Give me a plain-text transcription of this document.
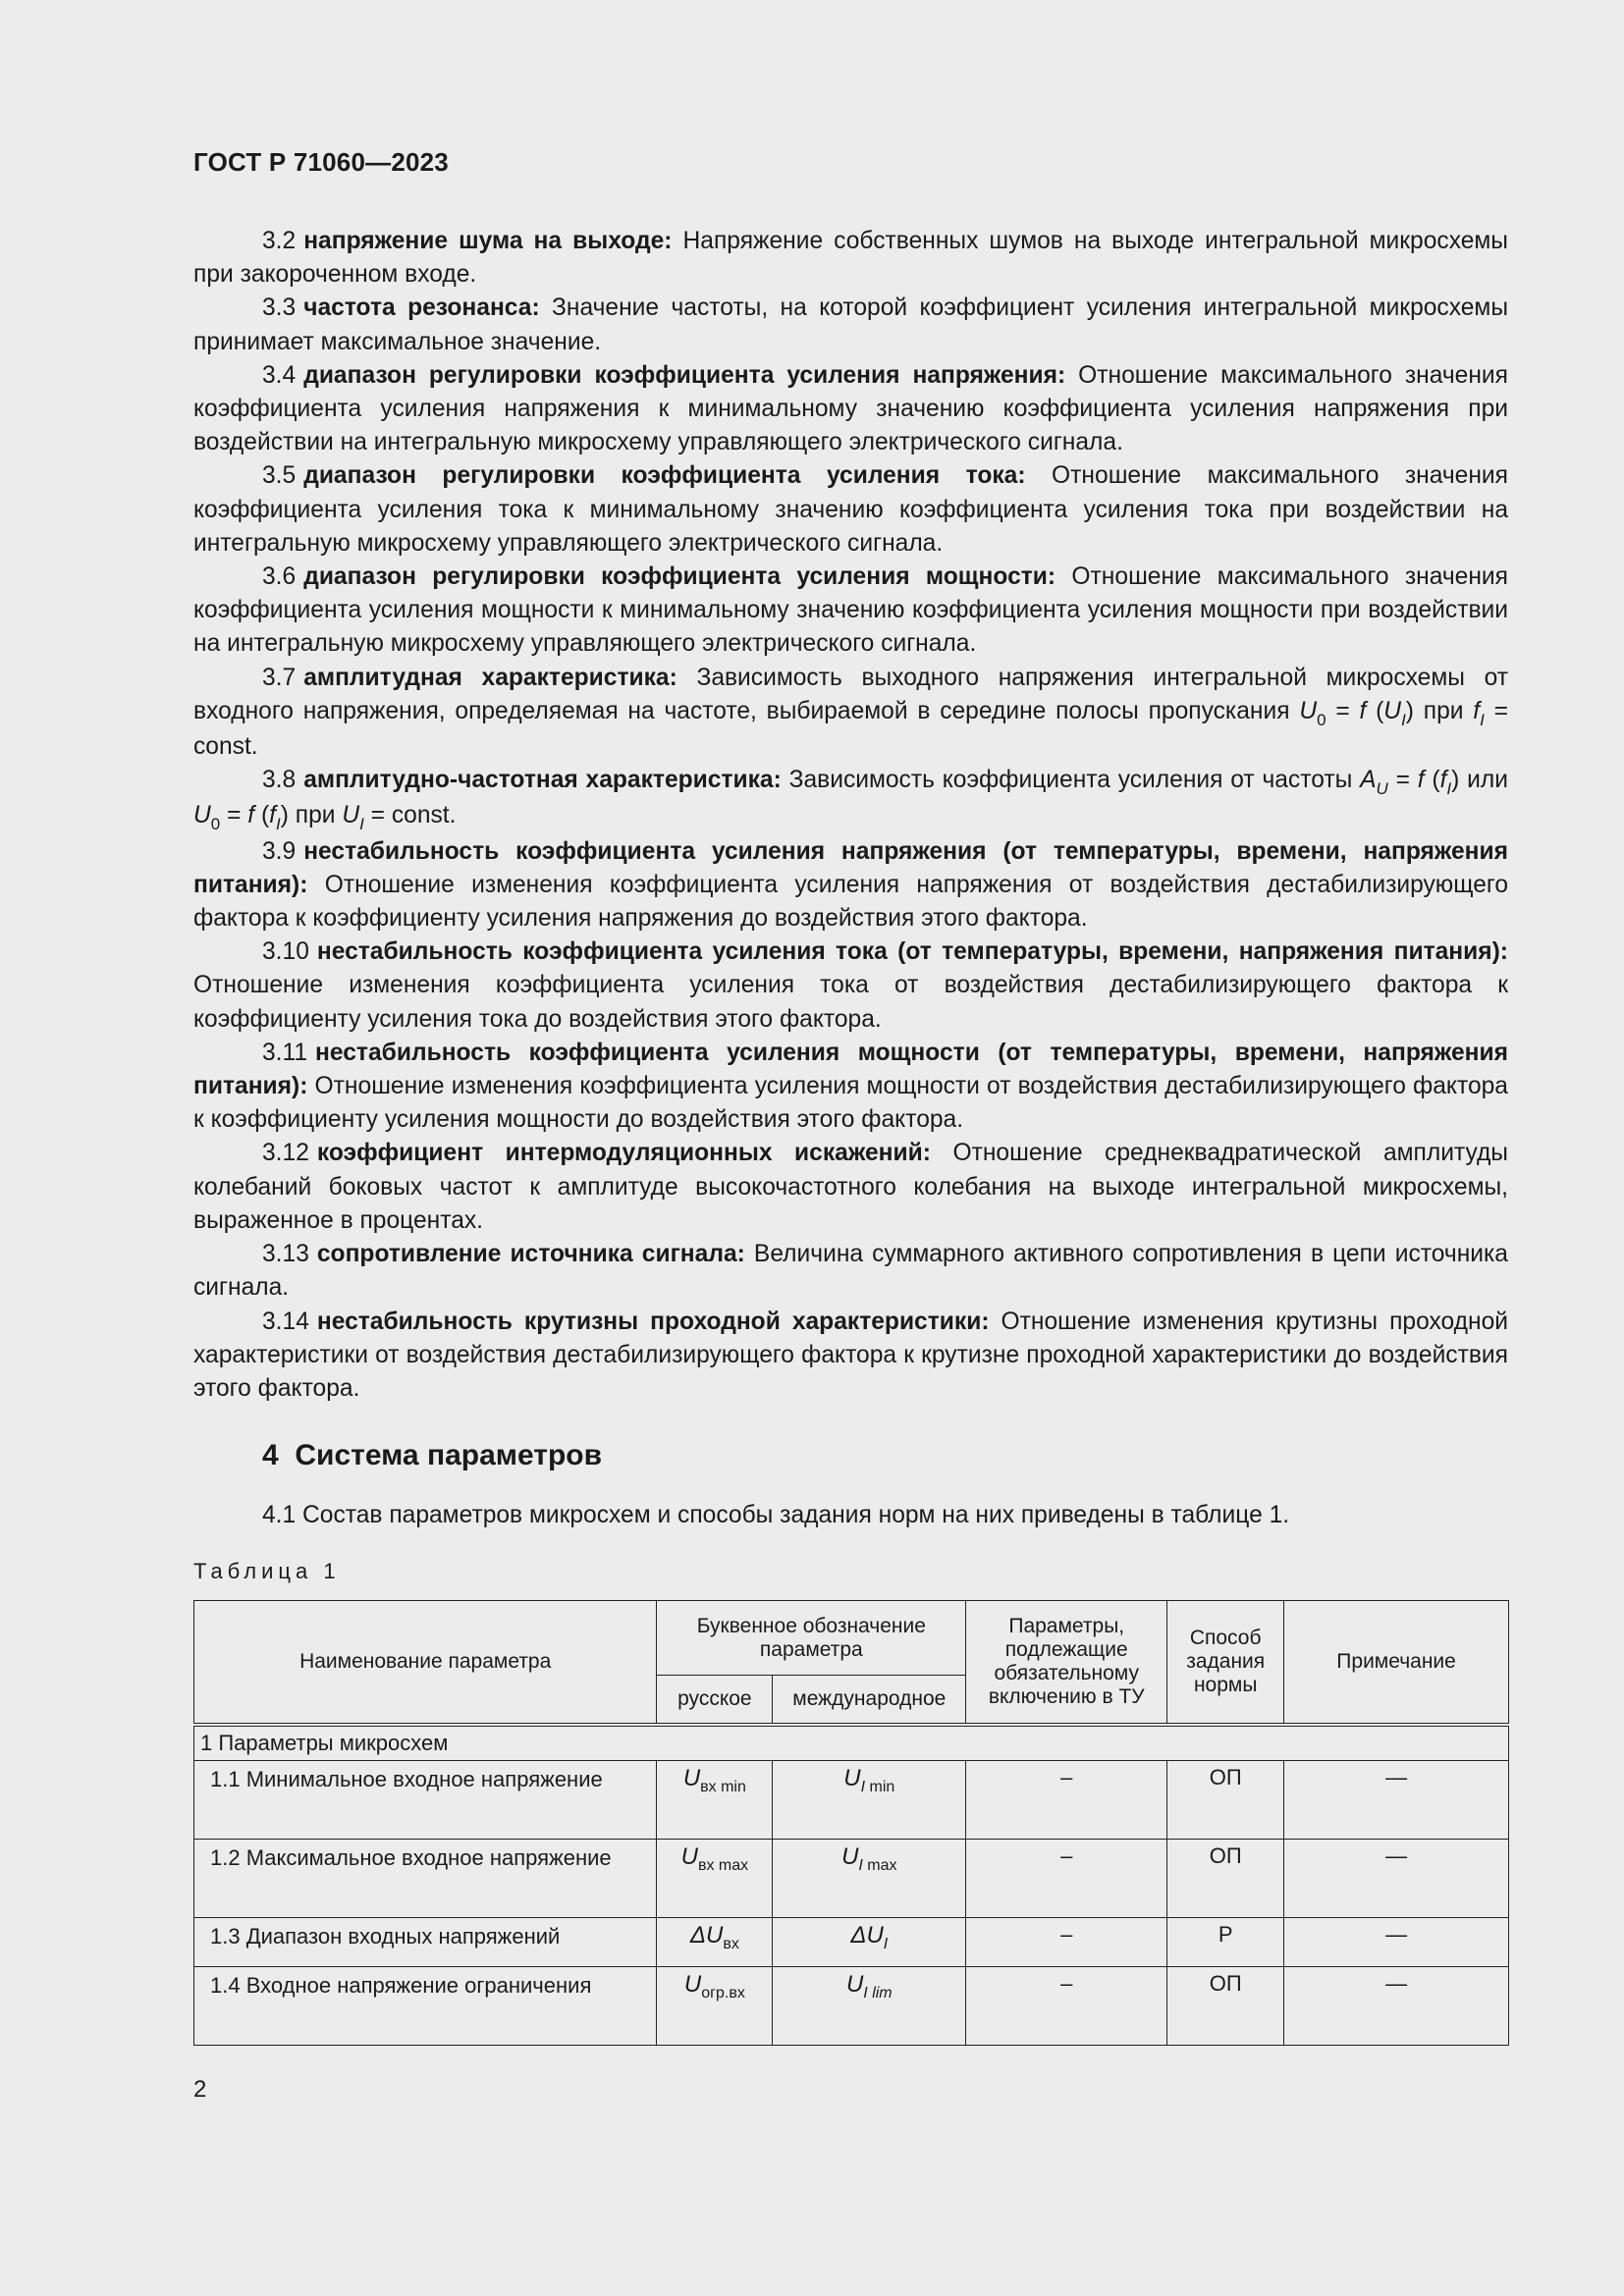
ГОСТ Р 71060—2023

3.2 напряжение шума на выходе: Напряжение собственных шумов на выходе интегральной микросхемы при закороченном входе.

3.3 частота резонанса: Значение частоты, на которой коэффициент усиления интегральной микросхемы принимает максимальное значение.

3.4 диапазон регулировки коэффициента усиления напряжения: Отношение максимального значения коэффициента усиления напряжения к минимальному значению коэффициента усиления напряжения при воздействии на интегральную микросхему управляющего электрического сигнала.

3.5 диапазон регулировки коэффициента усиления тока: Отношение максимального значения коэффициента усиления тока к минимальному значению коэффициента усиления тока при воздействии на интегральную микросхему управляющего электрического сигнала.

3.6 диапазон регулировки коэффициента усиления мощности: Отношение максимального значения коэффициента усиления мощности к минимальному значению коэффициента усиления мощности при воздействии на интегральную микросхему управляющего электрического сигнала.

3.7 амплитудная характеристика: Зависимость выходного напряжения интегральной микросхемы от входного напряжения, определяемая на частоте, выбираемой в середине полосы пропускания $U_0 = f$ $(U_I)$ при $f_I$ = const.

3.8 амплитудно-частотная характеристика: Зависимость коэффициента усиления от частоты $A_U = f$ $(f_I)$ или $U_0 = f$ $(f_I)$ при $U_I$ = const.

3.9 нестабильность коэффициента усиления напряжения (от температуры, времени, напряжения питания): Отношение изменения коэффициента усиления напряжения от воздействия дестабилизирующего фактора к коэффициенту усиления напряжения до воздействия этого фактора.

3.10 нестабильность коэффициента усиления тока (от температуры, времени, напряжения питания): Отношение изменения коэффициента усиления тока от воздействия дестабилизирующего фактора к коэффициенту усиления тока до воздействия этого фактора.

3.11 нестабильность коэффициента усиления мощности (от температуры, времени, напряжения питания): Отношение изменения коэффициента усиления мощности от воздействия дестабилизирующего фактора к коэффициенту усиления мощности до воздействия этого фактора.

3.12 коэффициент интермодуляционных искажений: Отношение среднеквадратической амплитуды колебаний боковых частот к амплитуде высокочастотного колебания на выходе интегральной микросхемы, выраженное в процентах.

3.13 сопротивление источника сигнала: Величина суммарного активного сопротивления в цепи источника сигнала.

3.14 нестабильность крутизны проходной характеристики: Отношение изменения крутизны проходной характеристики от воздействия дестабилизирующего фактора к крутизне проходной характеристики до воздействия этого фактора.

4 Система параметров
4.1 Состав параметров микросхем и способы задания норм на них приведены в таблице 1.
Таблица 1
Наименование параметра	Буквенное обозначение параметра		Параметры, подлежащие обязательному включению в ТУ	Способ задания нормы	Примечание
	русское	международное			
1 Параметры микросхем					
1.1 Минимальное входное напряжение	$U_{вх min}$	$U_{I min}$	–	ОП	—
1.2 Максимальное входное напряжение	$U_{вх max}$	$U_{I max}$	–	ОП	—
1.3 Диапазон входных напряжений	$\Delta U_{вх}$	$\Delta U_I$	–	Р	—
1.4 Входное напряжение ограничения	$U_{огр.вх}$	$U_{I lim}$	–	ОП	—
2
